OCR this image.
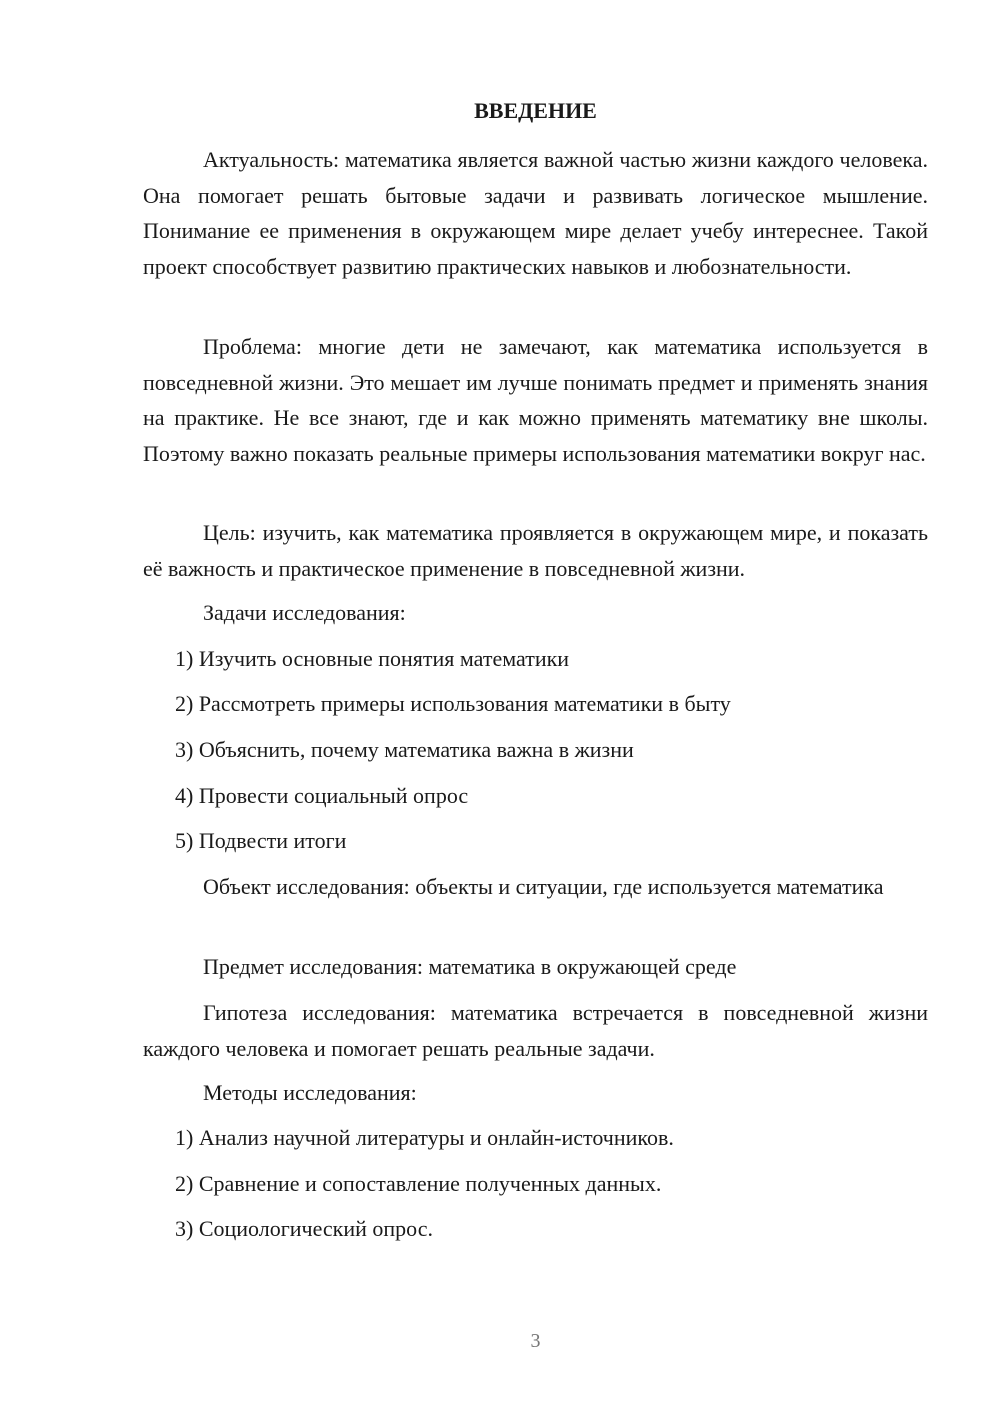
ВВЕДЕНИЕ

Актуальность: математика является важной частью жизни каждого человека. Она помогает решать бытовые задачи и развивать логическое мышление. Понимание ее применения в окружающем мире делает учебу интереснее. Такой проект способствует развитию практических навыков и любознательности.

Проблема: многие дети не замечают, как математика используется в повседневной жизни. Это мешает им лучше понимать предмет и применять знания на практике. Не все знают, где и как можно применять математику вне школы. Поэтому важно показать реальные примеры использования математики вокруг нас.

Цель: изучить, как математика проявляется в окружающем мире, и показать её важность и практическое применение в повседневной жизни.

Задачи исследования:

1) Изучить основные понятия математики

2) Рассмотреть примеры использования математики в быту

3) Объяснить, почему математика важна в жизни

4) Провести социальный опрос

5) Подвести итоги

Объект исследования: объекты и ситуации, где используется математика

Предмет исследования: математика в окружающей среде

Гипотеза исследования: математика встречается в повседневной жизни каждого человека и помогает решать реальные задачи.

Методы исследования:

1) Анализ научной литературы и онлайн-источников.

2) Сравнение и сопоставление полученных данных.

3) Социологический опрос.

3
